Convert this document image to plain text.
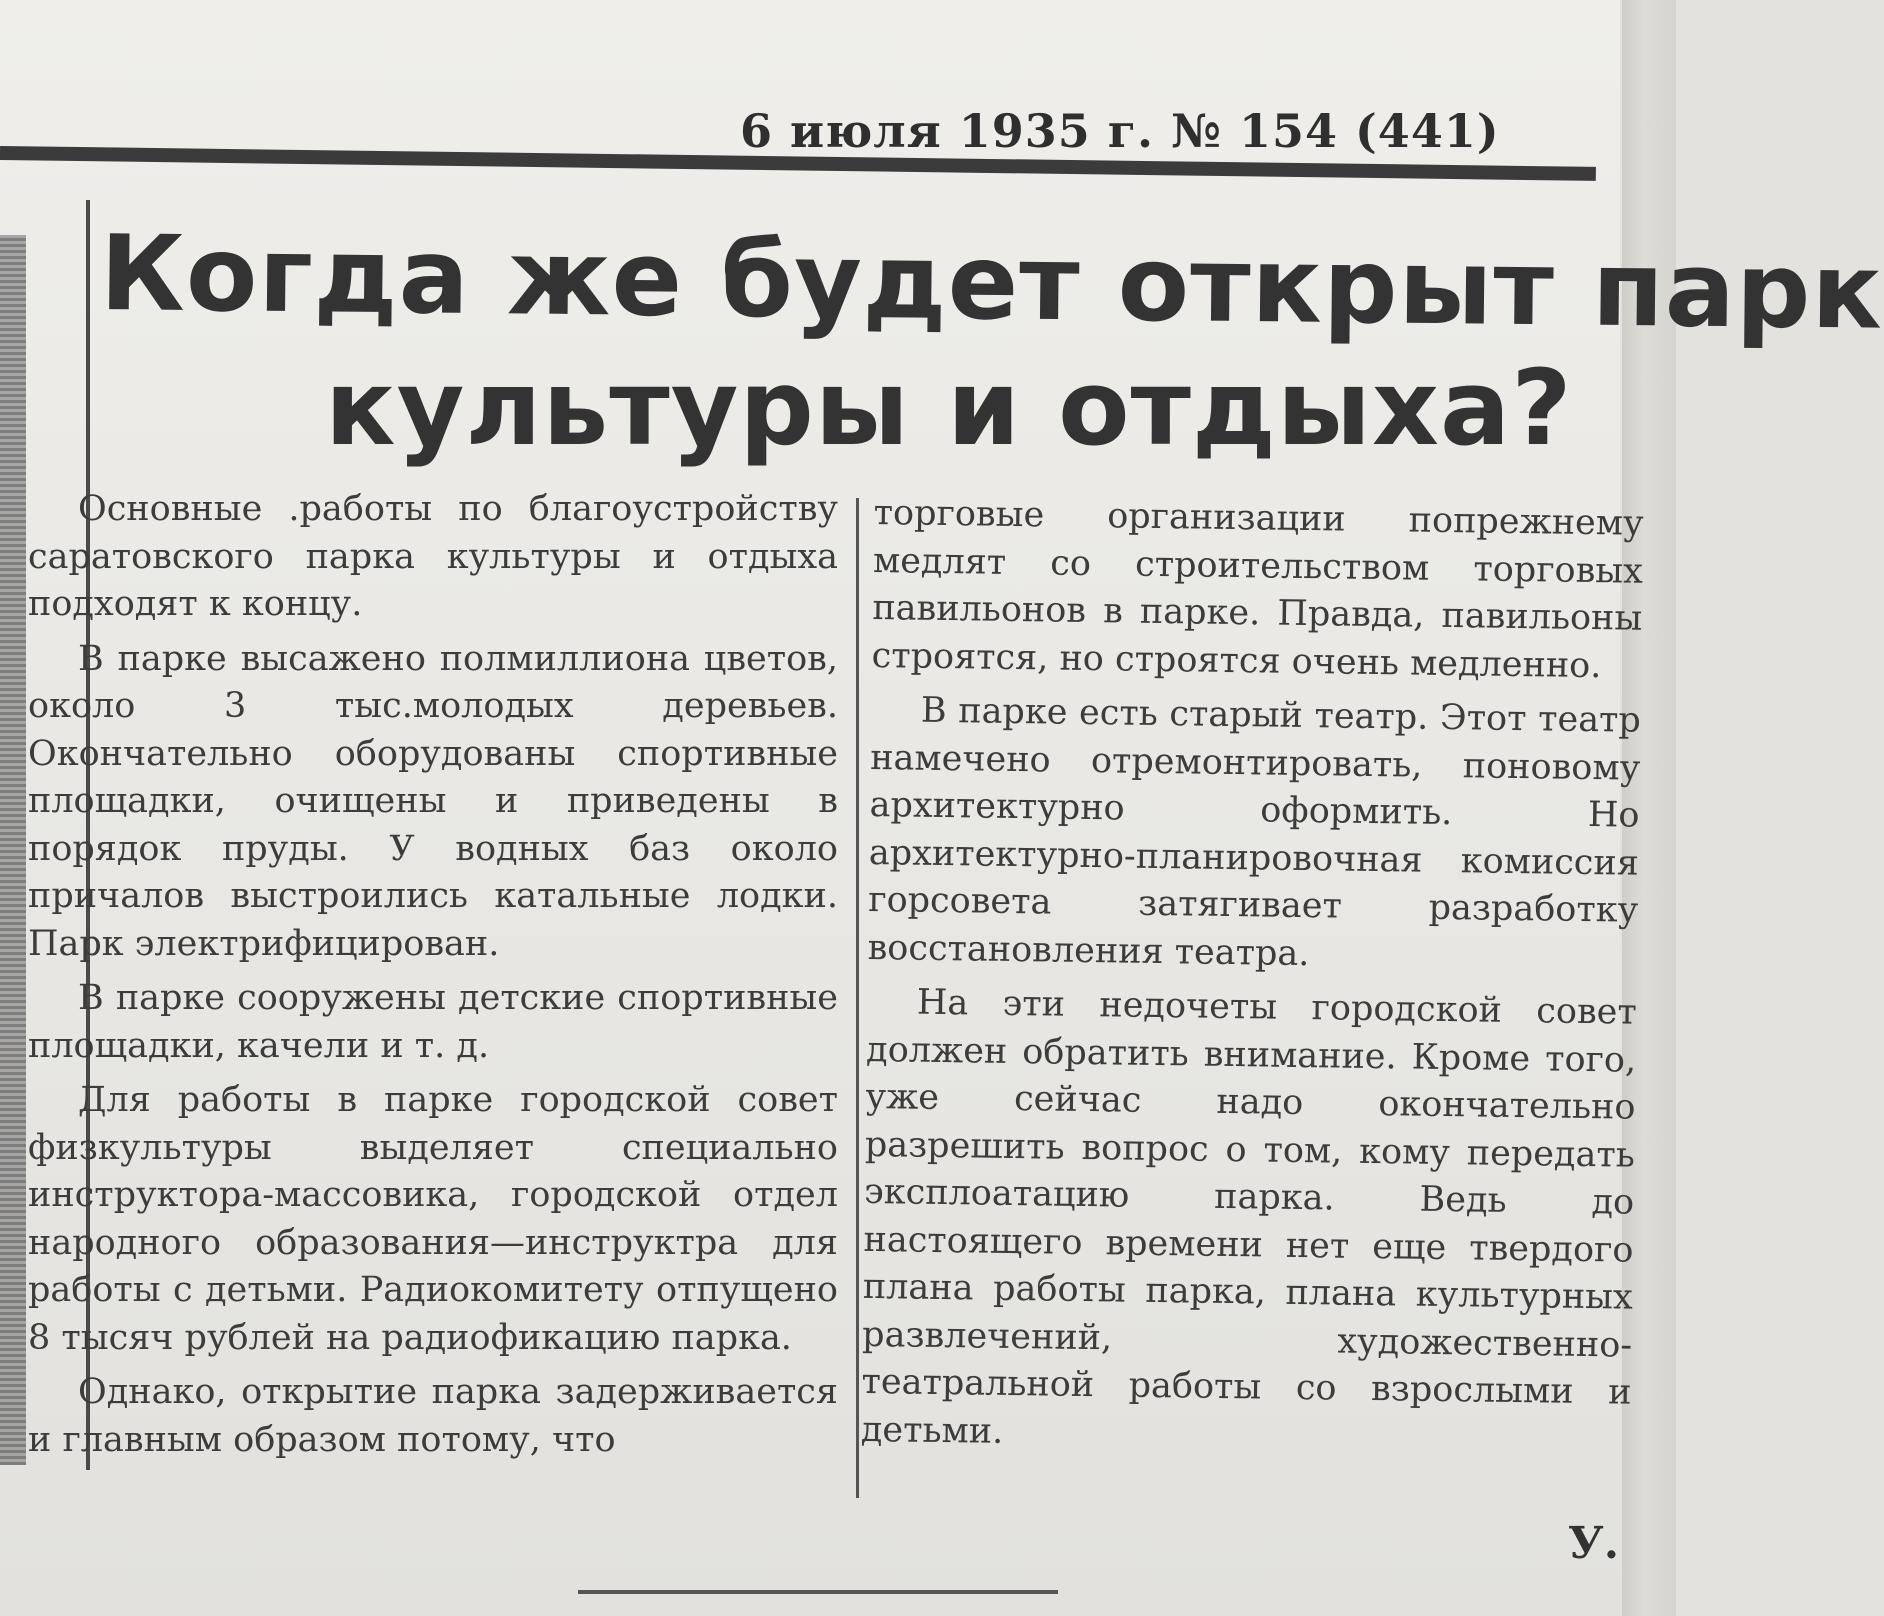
6 июля 1935 г. № 154 (441)
Когда же будет открыт парк
культуры и отдыха?

Основные .работы по благоустройству саратовского парка культуры и отдыха подходят к концу.

В парке высажено полмиллиона цветов, около 3 тыс.молодых деревьев. Окончательно оборудованы спортивные площадки, очищены и приведены в порядок пруды. У водных баз около причалов выстроились катальные лодки. Парк электрифицирован.

В парке сооружены детские спортивные площадки, качели и т. д.

Для работы в парке городской совет физкультуры выделяет специально инструктора-массовика, городской отдел народного образования—инструктра для работы с детьми. Радиокомитету отпущено 8 тысяч рублей на радиофикацию парка.

Однако, открытие парка задерживается и главным образом потому, что

торговые организации попрежнему медлят со строительством торговых павильонов в парке. Правда, павильоны строятся, но строятся очень медленно.

В парке есть старый театр. Этот театр намечено отремонтировать, поновому архитектурно оформить. Но архитектурно-планировочная комиссия горсовета затягивает разработку восстановления театра.

На эти недочеты городской совет должен обратить внимание. Кроме того, уже сейчас надо окончательно разрешить вопрос о том, кому передать эксплоатацию парка. Ведь до настоящего времени нет еще твердого плана работы парка, плана культурных развлечений, художественно-театральной работы со взрослыми и детьми.

У.
